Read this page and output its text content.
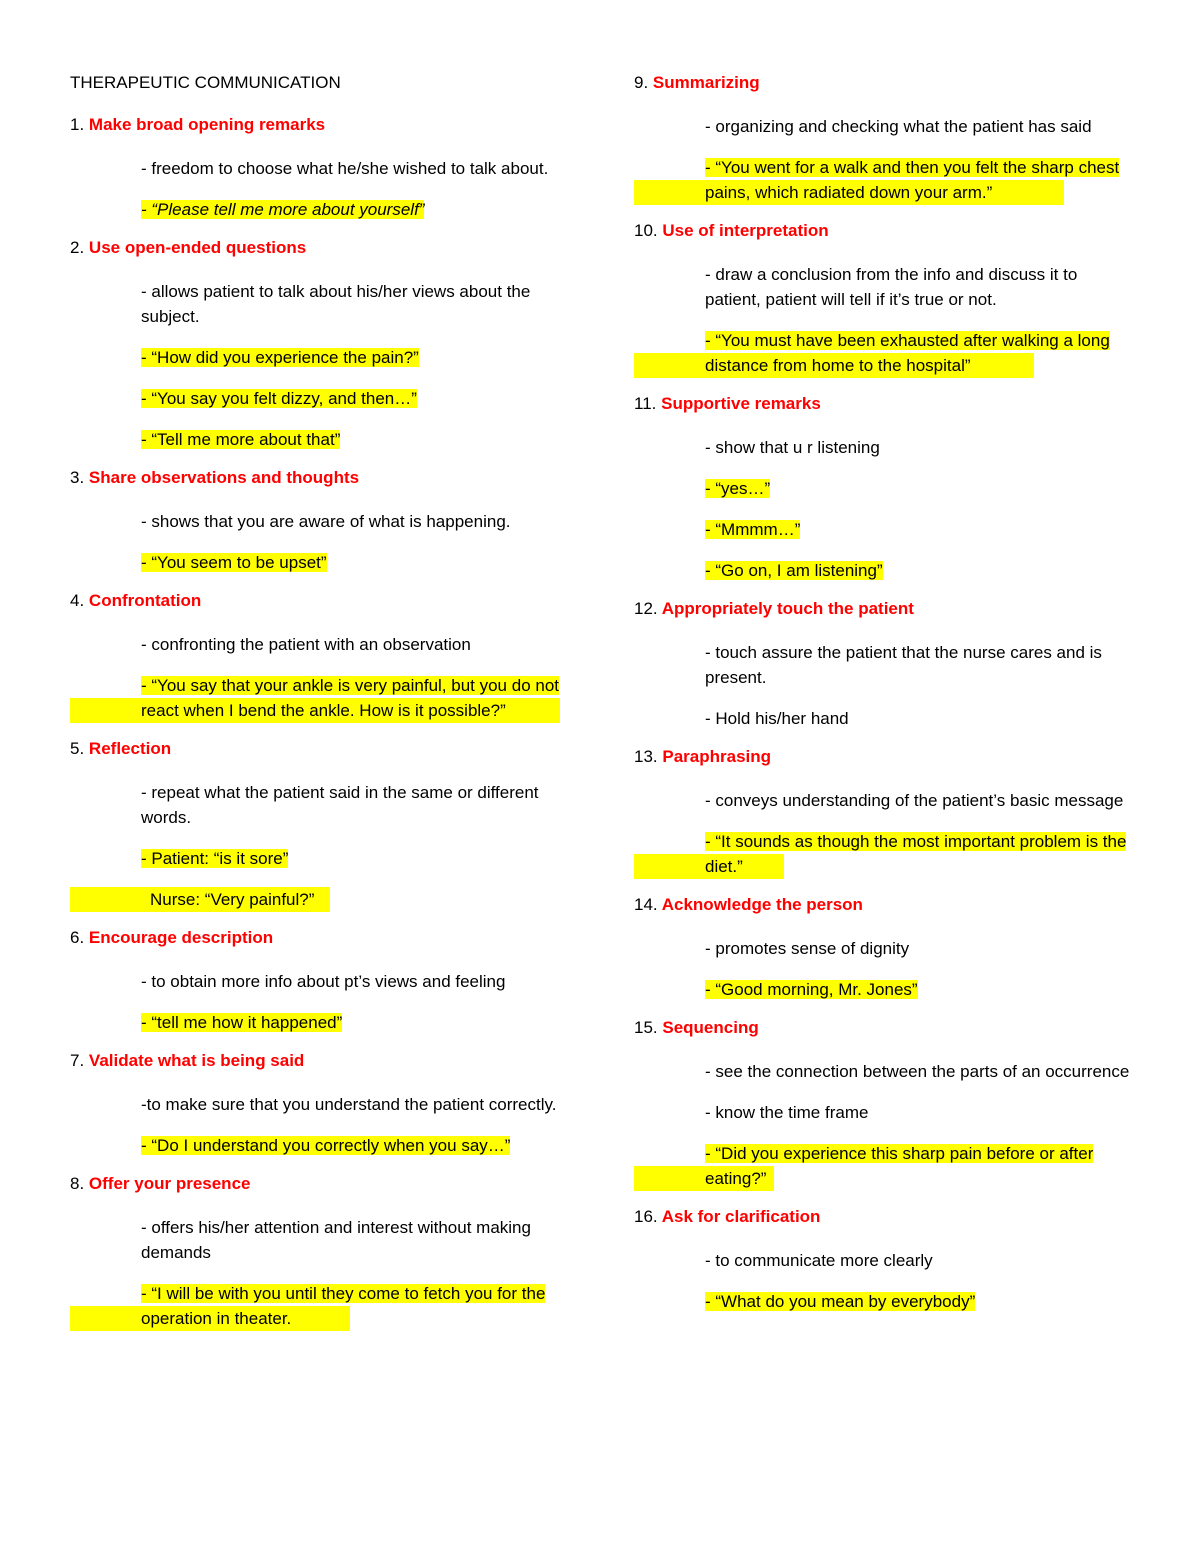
THERAPEUTIC COMMUNICATION
1. Make broad opening remarks
- freedom to choose what he/she wished to talk about.
- “Please tell me more about yourself”
2. Use open-ended questions
- allows patient to talk about his/her views about the subject.
- “How did you experience the pain?”
- “You say you felt dizzy, and then…”
- “Tell me more about that”
3. Share observations and thoughts
- shows that you are aware of what is happening.
- “You seem to be upset”
4. Confrontation
- confronting the patient with an observation
- “You say that your ankle is very painful, but you do not react when I bend the ankle. How is it possible?”
5. Reflection
- repeat what the patient said in the same or different words.
- Patient: “is it sore”
Nurse: “Very painful?”
6. Encourage description
- to obtain more info about pt’s views and feeling
- “tell me how it happened”
7. Validate what is being said
-to make sure that you understand the patient correctly.
- “Do I understand you correctly when you say…”
8. Offer your presence
- offers his/her attention and interest without making demands
- “I will be with you until they come to fetch you for the operation in theater.
9. Summarizing
- organizing and checking what the patient has said
- “You went for a walk and then you felt the sharp chest pains, which radiated down your arm.”
10. Use of interpretation
- draw a conclusion from the info and discuss it to patient, patient will tell if it’s true or not.
- “You must have been exhausted after walking a long distance from home to the hospital”
11. Supportive remarks
- show that u r listening
- “yes…”
- “Mmmm…”
- “Go on, I am listening”
12. Appropriately touch the patient
- touch assure the patient that the nurse cares and is present.
- Hold his/her hand
13. Paraphrasing
- conveys understanding of the patient’s basic message
- “It sounds as though the most important problem is the diet.”
14. Acknowledge the person
- promotes sense of dignity
- “Good morning, Mr. Jones”
15. Sequencing
- see the connection between the parts of an occurrence
- know the time frame
- “Did you experience this sharp pain before or after eating?”
16. Ask for clarification
- to communicate more clearly
- “What do you mean by everybody”
